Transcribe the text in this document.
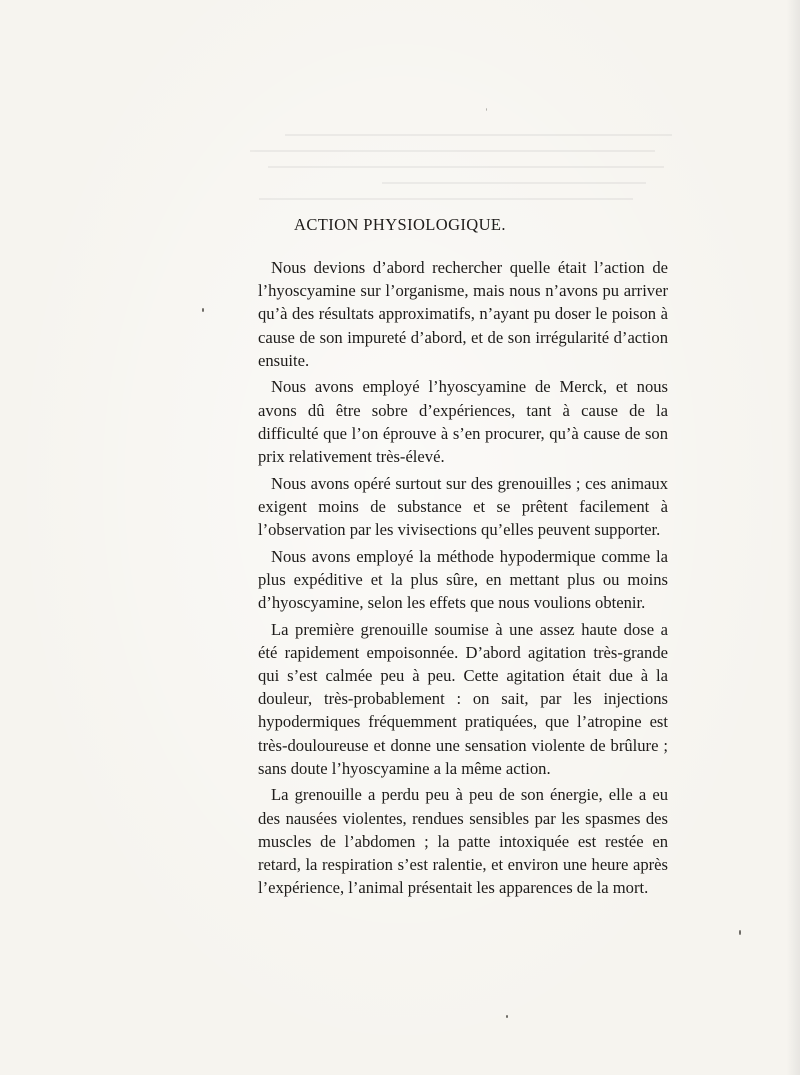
ACTION PHYSIOLOGIQUE.

Nous devions d’abord rechercher quelle était l’action de l’hyoscyamine sur l’organisme, mais nous n’avons pu arriver qu’à des résultats approximatifs, n’ayant pu doser le poison à cause de son impureté d’abord, et de son irrégularité d’action ensuite.

Nous avons employé l’hyoscyamine de Merck, et nous avons dû être sobre d’expériences, tant à cause de la difficulté que l’on éprouve à s’en procurer, qu’à cause de son prix relativement très-élevé.

Nous avons opéré surtout sur des grenouilles ; ces animaux exigent moins de substance et se prêtent facilement à l’observation par les vivisections qu’elles peuvent supporter.

Nous avons employé la méthode hypodermique comme la plus expéditive et la plus sûre, en mettant plus ou moins d’hyoscyamine, selon les effets que nous voulions obtenir.

La première grenouille soumise à une assez haute dose a été rapidement empoisonnée. D’abord agitation très-grande qui s’est calmée peu à peu. Cette agitation était due à la douleur, très-probablement : on sait, par les injections hypodermiques fréquemment pratiquées, que l’atropine est très-douloureuse et donne une sensation violente de brûlure ; sans doute l’hyoscyamine a la même action.

La grenouille a perdu peu à peu de son énergie, elle a eu des nausées violentes, rendues sensibles par les spasmes des muscles de l’abdomen ; la patte intoxiquée est restée en retard, la respiration s’est ralentie, et environ une heure après l’expérience, l’animal présentait les apparences de la mort.
